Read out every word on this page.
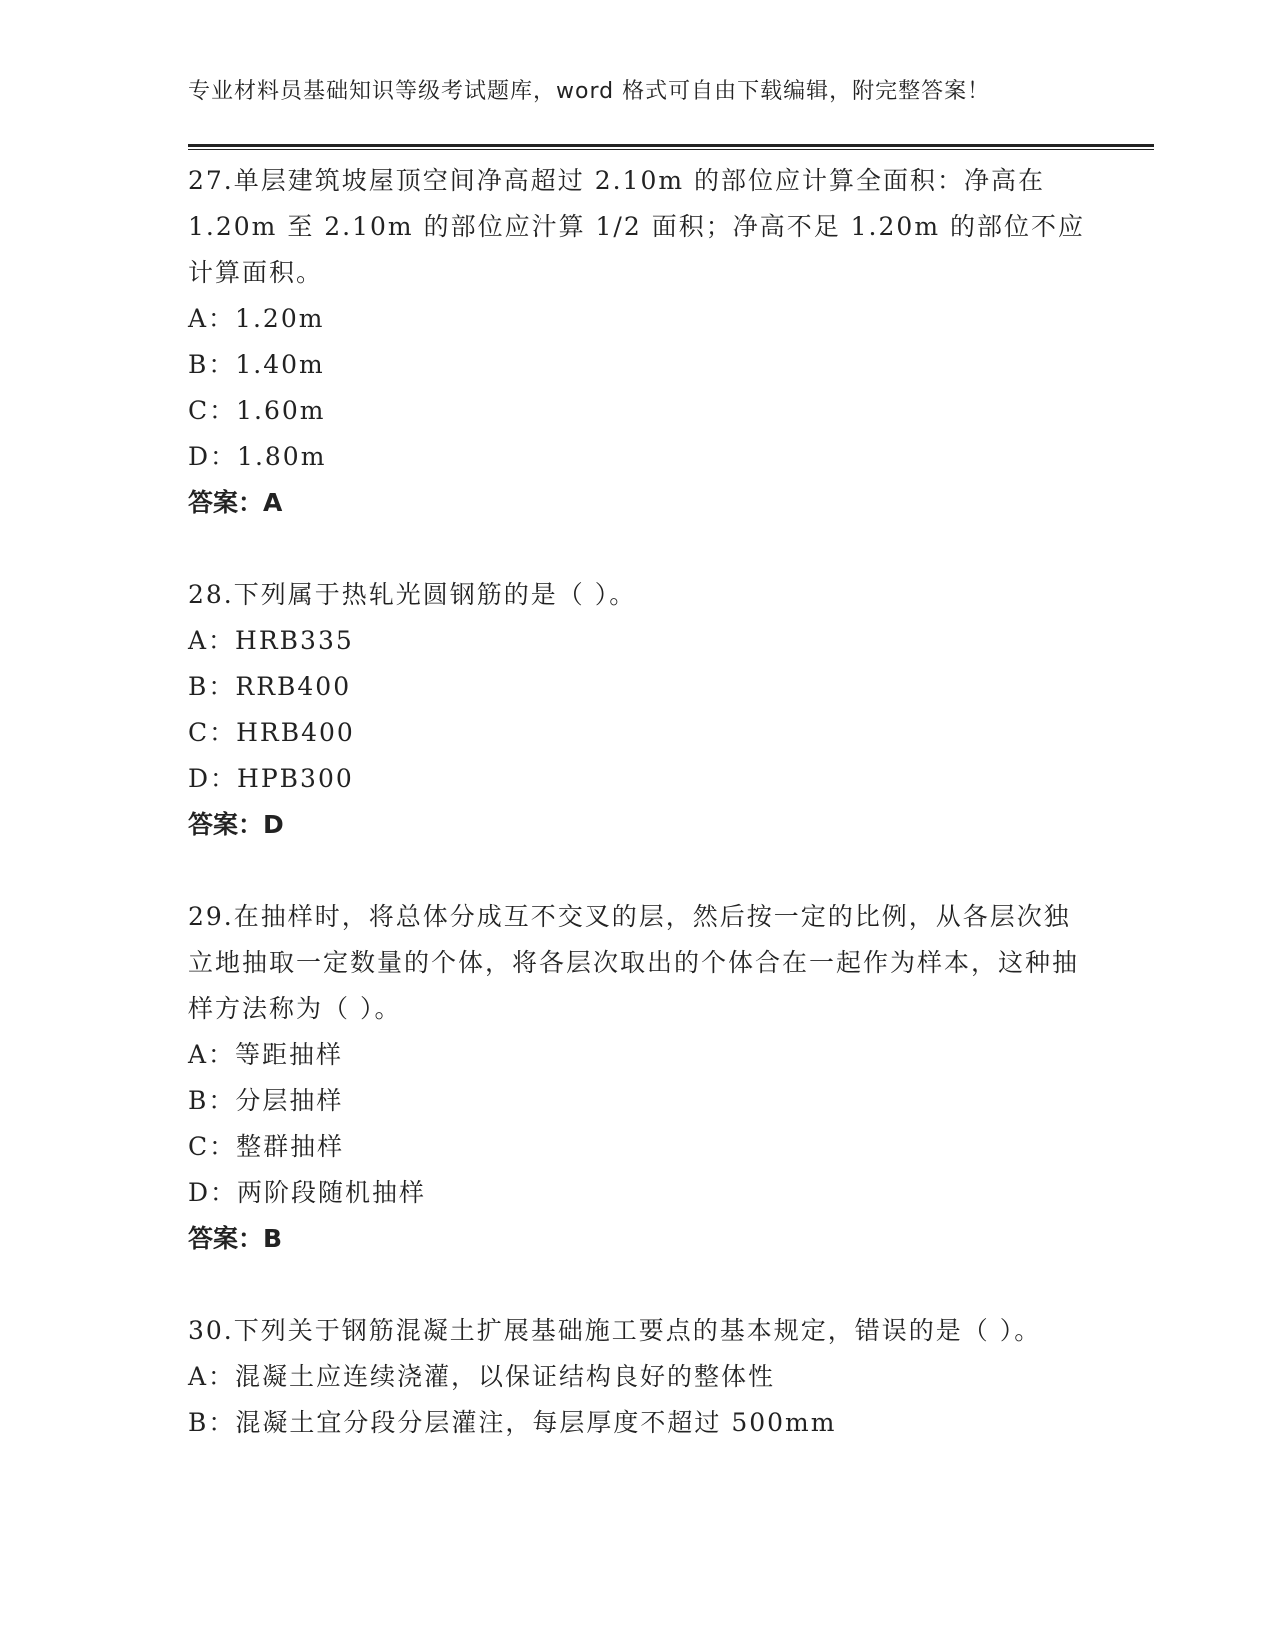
专业材料员基础知识等级考试题库，word 格式可自由下载编辑，附完整答案！

27.单层建筑坡屋顶空间净高超过 2.10m 的部位应计算全面积：净高在 1.20m 至 2.10m 的部位应汁算 1/2 面积；净高不足 1.20m 的部位不应计算面积。

A：1.20m

B：1.40m

C：1.60m

D：1.80m

答案：A

28.下列属于热轧光圆钢筋的是（ ）。

A：HRB335

B：RRB400

C：HRB400

D：HPB300

答案：D

29.在抽样时，将总体分成互不交叉的层，然后按一定的比例，从各层次独立地抽取一定数量的个体，将各层次取出的个体合在一起作为样本，这种抽样方法称为（ ）。

A：等距抽样

B：分层抽样

C：整群抽样

D：两阶段随机抽样

答案：B

30.下列关于钢筋混凝土扩展基础施工要点的基本规定，错误的是（ ）。

A：混凝土应连续浇灌，以保证结构良好的整体性

B：混凝土宜分段分层灌注，每层厚度不超过 500mm
